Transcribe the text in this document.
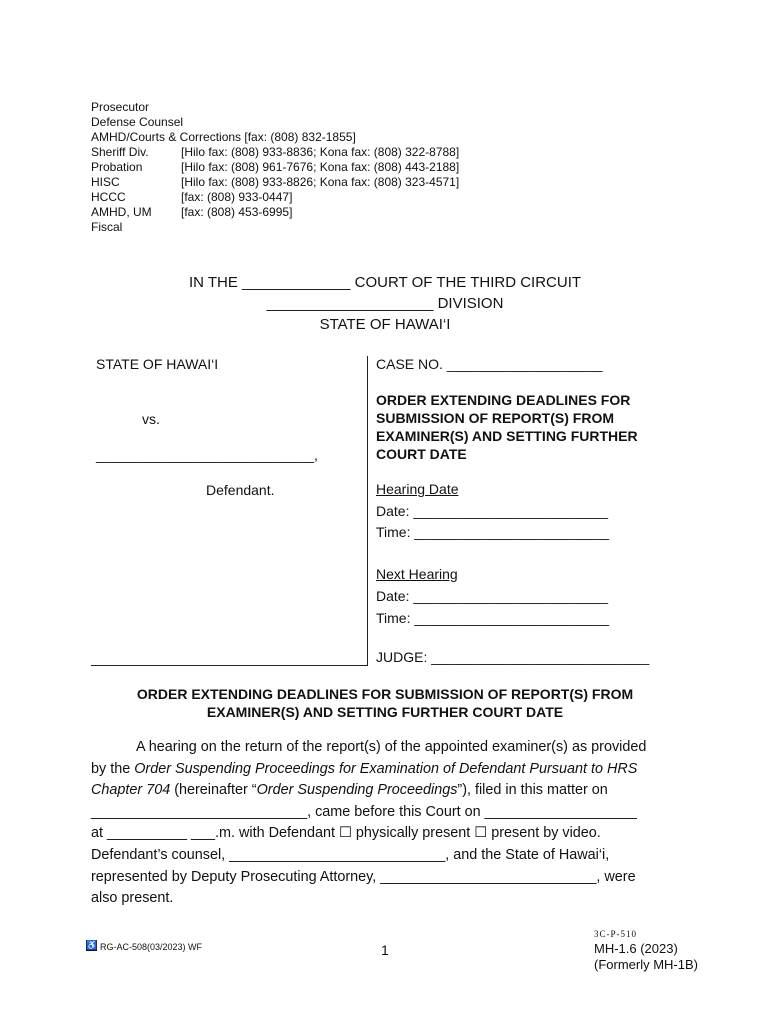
Prosecutor
Defense Counsel
AMHD/Courts & Corrections [fax: (808) 832-1855]
Sheriff Div.	[Hilo fax: (808) 933-8836; Kona fax: (808) 322-8788]
Probation	[Hilo fax: (808) 961-7676; Kona fax: (808) 443-2188]
HISC	[Hilo fax: (808) 933-8826; Kona fax: (808) 323-4571]
HCCC	[fax: (808) 933-0447]
AMHD, UM [fax: (808) 453-6995]
Fiscal
IN THE _____________ COURT OF THE THIRD CIRCUIT
____________________ DIVISION
STATE OF HAWAI‘I
STATE OF HAWAI‘I
vs.
____________________________,
Defendant.
CASE NO. ____________________
ORDER EXTENDING DEADLINES FOR
SUBMISSION OF REPORT(S) FROM
EXAMINER(S) AND SETTING FURTHER
COURT DATE
Hearing Date
Date: _________________________
Time: _________________________
Next Hearing
Date: _________________________
Time: _________________________
JUDGE: ____________________________
ORDER EXTENDING DEADLINES FOR SUBMISSION OF REPORT(S) FROM
EXAMINER(S) AND SETTING FURTHER COURT DATE
A hearing on the return of the report(s) of the appointed examiner(s) as provided
by the Order Suspending Proceedings for Examination of Defendant Pursuant to HRS
Chapter 704 (hereinafter “Order Suspending Proceedings”), filed in this matter on
___________________________, came before this Court on ___________________
at __________ ___.m. with Defendant ☐ physically present ☐ present by video.
Defendant’s counsel, ___________________________, and the State of Hawai‘i,
represented by Deputy Prosecuting Attorney, ___________________________, were
also present.
♿ RG-AC-508(03/2023) WF	1
3C-P-510
MH-1.6 (2023)
(Formerly MH-1B)
